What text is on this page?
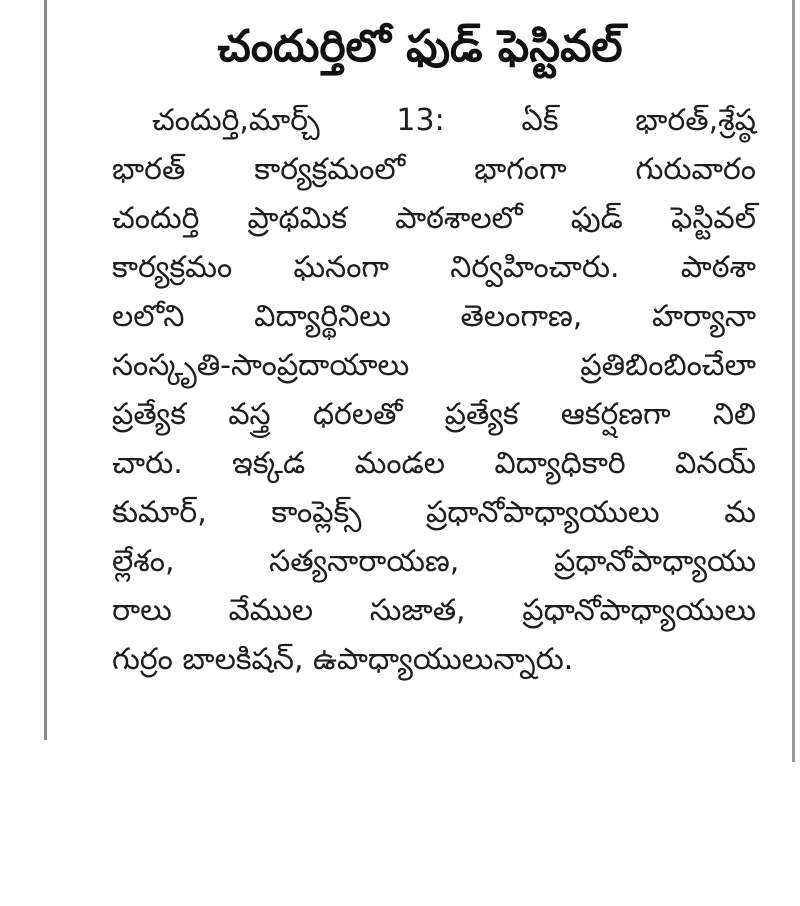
చందుర్తిలో ఫుడ్ ఫెస్టివల్
చందుర్తి,మార్చ్ 13: ఏక్ భారత్,శ్రేష్ఠ
భారత్ కార్యక్రమంలో భాగంగా గురువారం
చందుర్తి ప్రాథమిక పాఠశాలలో ఫుడ్ ఫెస్టివల్
కార్యక్రమం ఘనంగా నిర్వహించారు. పాఠశా
లలోని విద్యార్థినిలు తెలంగాణ, హర్యానా
సంస్కృతి-సాంప్రదాయాలు ప్రతిబింబించేలా
ప్రత్యేక వస్త్ర ధరలతో ప్రత్యేక ఆకర్షణగా నిలి
చారు. ఇక్కడ మండల విద్యాధికారి వినయ్
కుమార్, కాంప్లెక్స్ ప్రధానోపాధ్యాయులు మ
ల్లేశం, సత్యనారాయణ, ప్రధానోపాధ్యాయు
రాలు వేముల సుజాత, ప్రధానోపాధ్యాయులు
గుర్రం బాలకిషన్, ఉపాధ్యాయులున్నారు.
